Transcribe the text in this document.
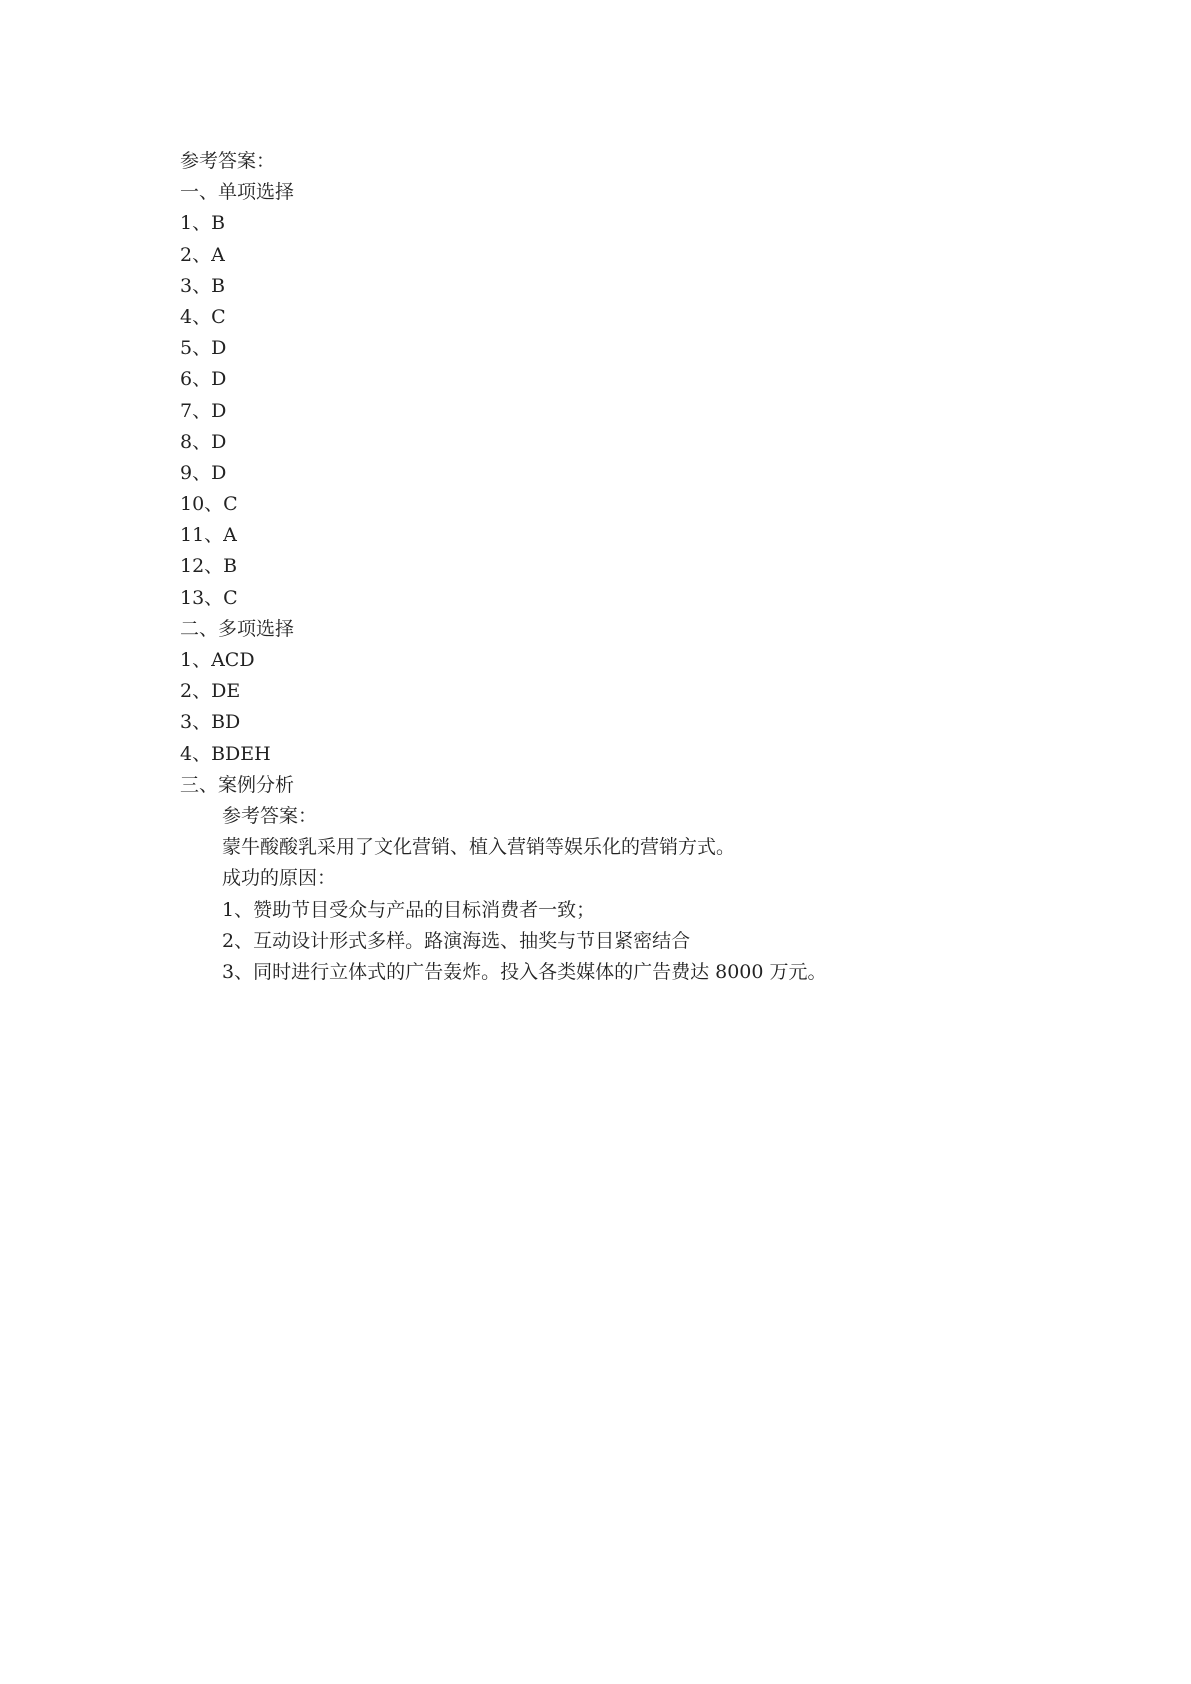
参考答案：
一、单项选择
1、B
2、A
3、B
4、C
5、D
6、D
7、D
8、D
9、D
10、C
11、A
12、B
13、C
二、多项选择
1、ACD
2、DE
3、BD
4、BDEH
三、案例分析
参考答案：
蒙牛酸酸乳采用了文化营销、植入营销等娱乐化的营销方式。
成功的原因：
1、赞助节目受众与产品的目标消费者一致；
2、互动设计形式多样。路演海选、抽奖与节目紧密结合
3、同时进行立体式的广告轰炸。投入各类媒体的广告费达 8000 万元。
